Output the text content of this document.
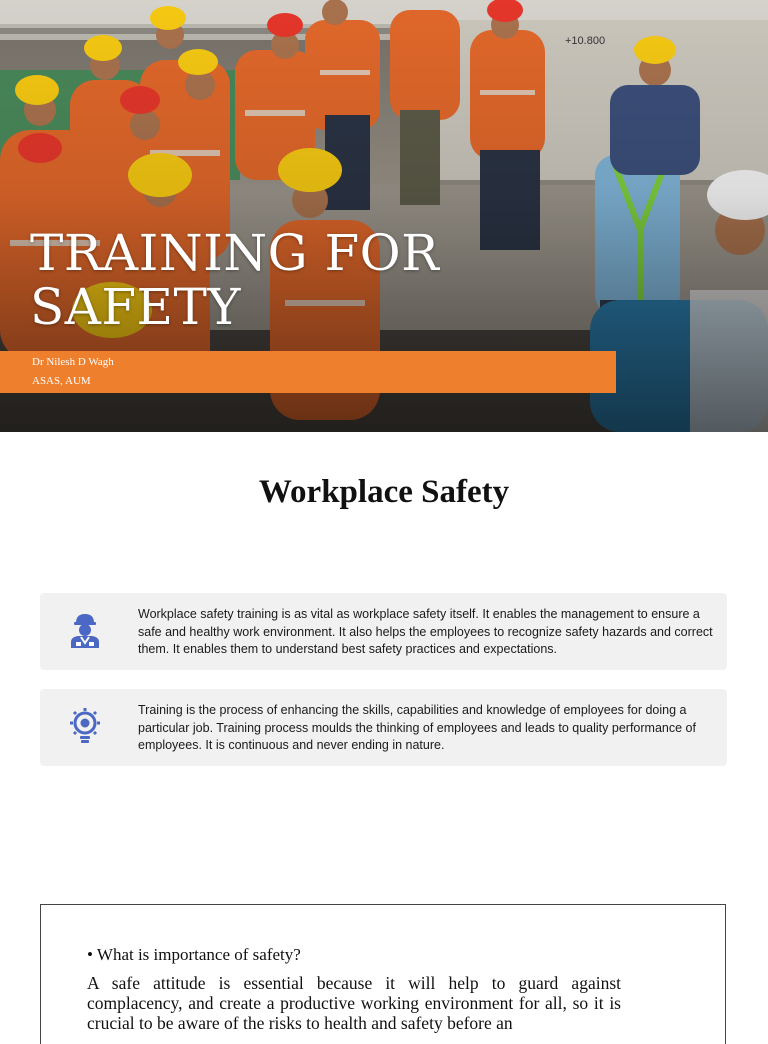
+10.800
TRAINING FOR
SAFETY
Dr Nilesh D Wagh
ASAS, AUM
Workplace Safety
Workplace safety training is as vital as workplace safety itself. It enables the management to ensure a safe and healthy work environment. It also helps the employees to recognize safety hazards and correct them. It enables them to understand best safety practices and expectations.
Training is the process of enhancing the skills, capabilities and knowledge of employees for doing a particular job. Training process moulds the thinking of employees and leads to quality performance of employees. It is continuous and never ending in nature.
• What is importance of safety?
A safe attitude is essential because it will help to guard against complacency, and create a productive working environment for all, so it is crucial to be aware of the risks to health and safety before an
